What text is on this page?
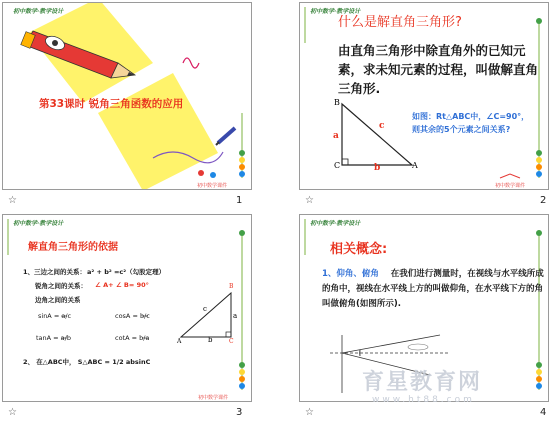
初中数学课件
初中数学·教学设计
第33课时 锐角三角函数的应用
☆	1
初中数学课件
初中数学·教学设计
什么是解直角三角形?
由直角三角形中除直角外的已知元素，求未知元素的过程，叫做解直角三角形.
B
C	A
a
b
c
如图：Rt△ABC中，∠C=90°，
则其余的5个元素之间关系?
☆	2
初中数学课件
初中数学·教学设计
解直角三角形的依据
1、三边之间的关系： a² + b² =c²（勾股定理）
锐角之间的关系： ∠ A+ ∠ B= 90°
边角之间的关系
sinA = a/c	cosA = b/c
tanA = a/b	cotA = b/a
2、 在△ABC中， S△ABC = 1/2 absinC
B
A	C
a
b
c
☆	3
初中数学·教学设计
相关概念:
1、仰角、俯角 在我们进行测量时，在视线与水平线所成的角中，视线在水平线上方的叫做仰角，在水平线下方的角叫做俯角(如图所示).
☆	4
育星教育网
www.ht88.com
